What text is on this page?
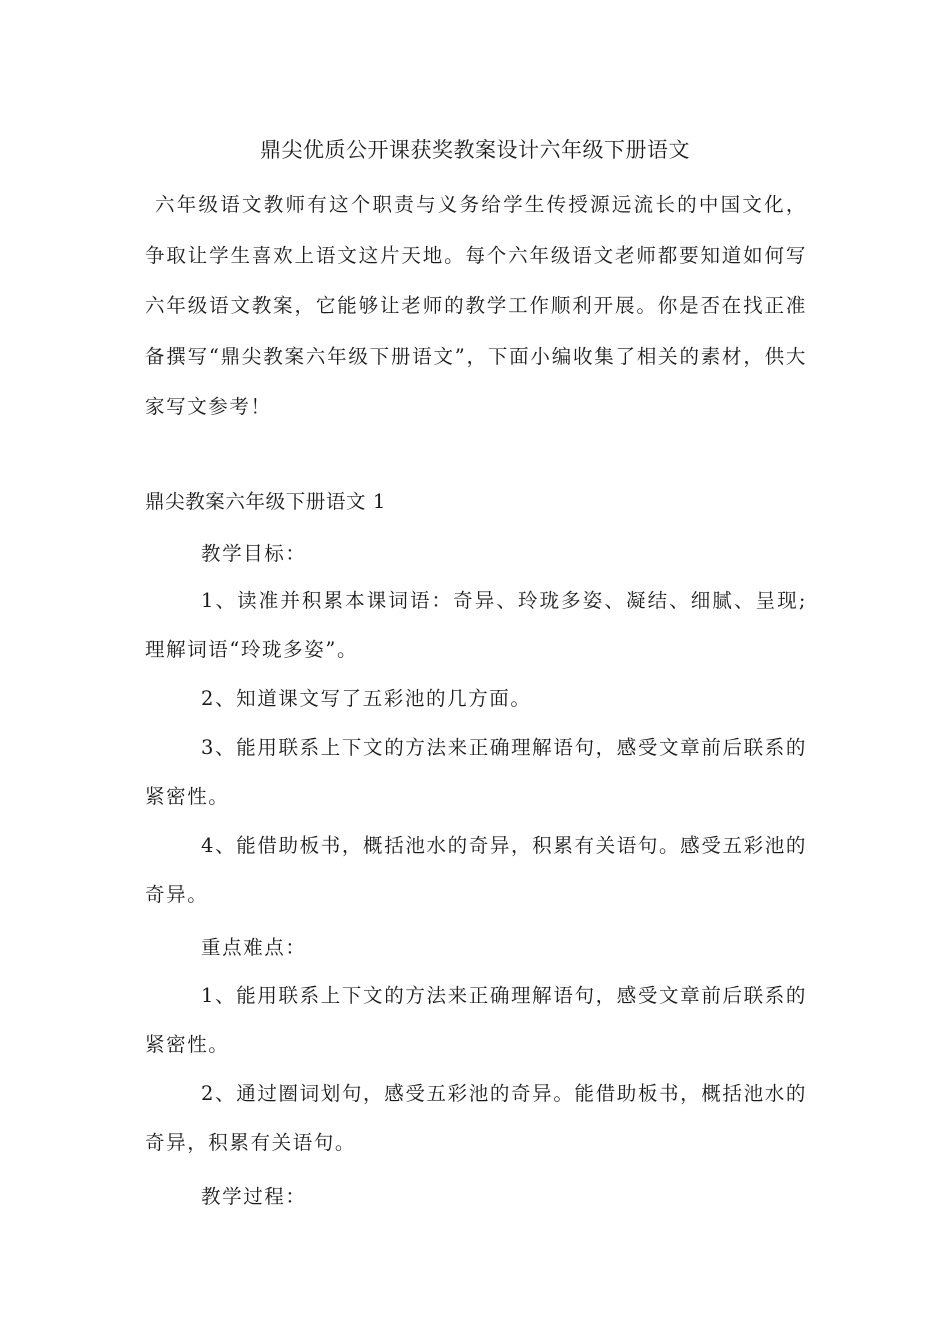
鼎尖优质公开课获奖教案设计六年级下册语文

六年级语文教师有这个职责与义务给学生传授源远流长的中国文化，争取让学生喜欢上语文这片天地。每个六年级语文老师都要知道如何写六年级语文教案，它能够让老师的教学工作顺利开展。你是否在找正准备撰写“鼎尖教案六年级下册语文”，下面小编收集了相关的素材，供大家写文参考！

鼎尖教案六年级下册语文 1

教学目标：

1、读准并积累本课词语：奇异、玲珑多姿、凝结、细腻、呈现;理解词语“玲珑多姿”。

2、知道课文写了五彩池的几方面。

3、能用联系上下文的方法来正确理解语句，感受文章前后联系的紧密性。

4、能借助板书，概括池水的奇异，积累有关语句。感受五彩池的奇异。

重点难点：

1、能用联系上下文的方法来正确理解语句，感受文章前后联系的紧密性。

2、通过圈词划句，感受五彩池的奇异。能借助板书，概括池水的奇异，积累有关语句。

教学过程：
